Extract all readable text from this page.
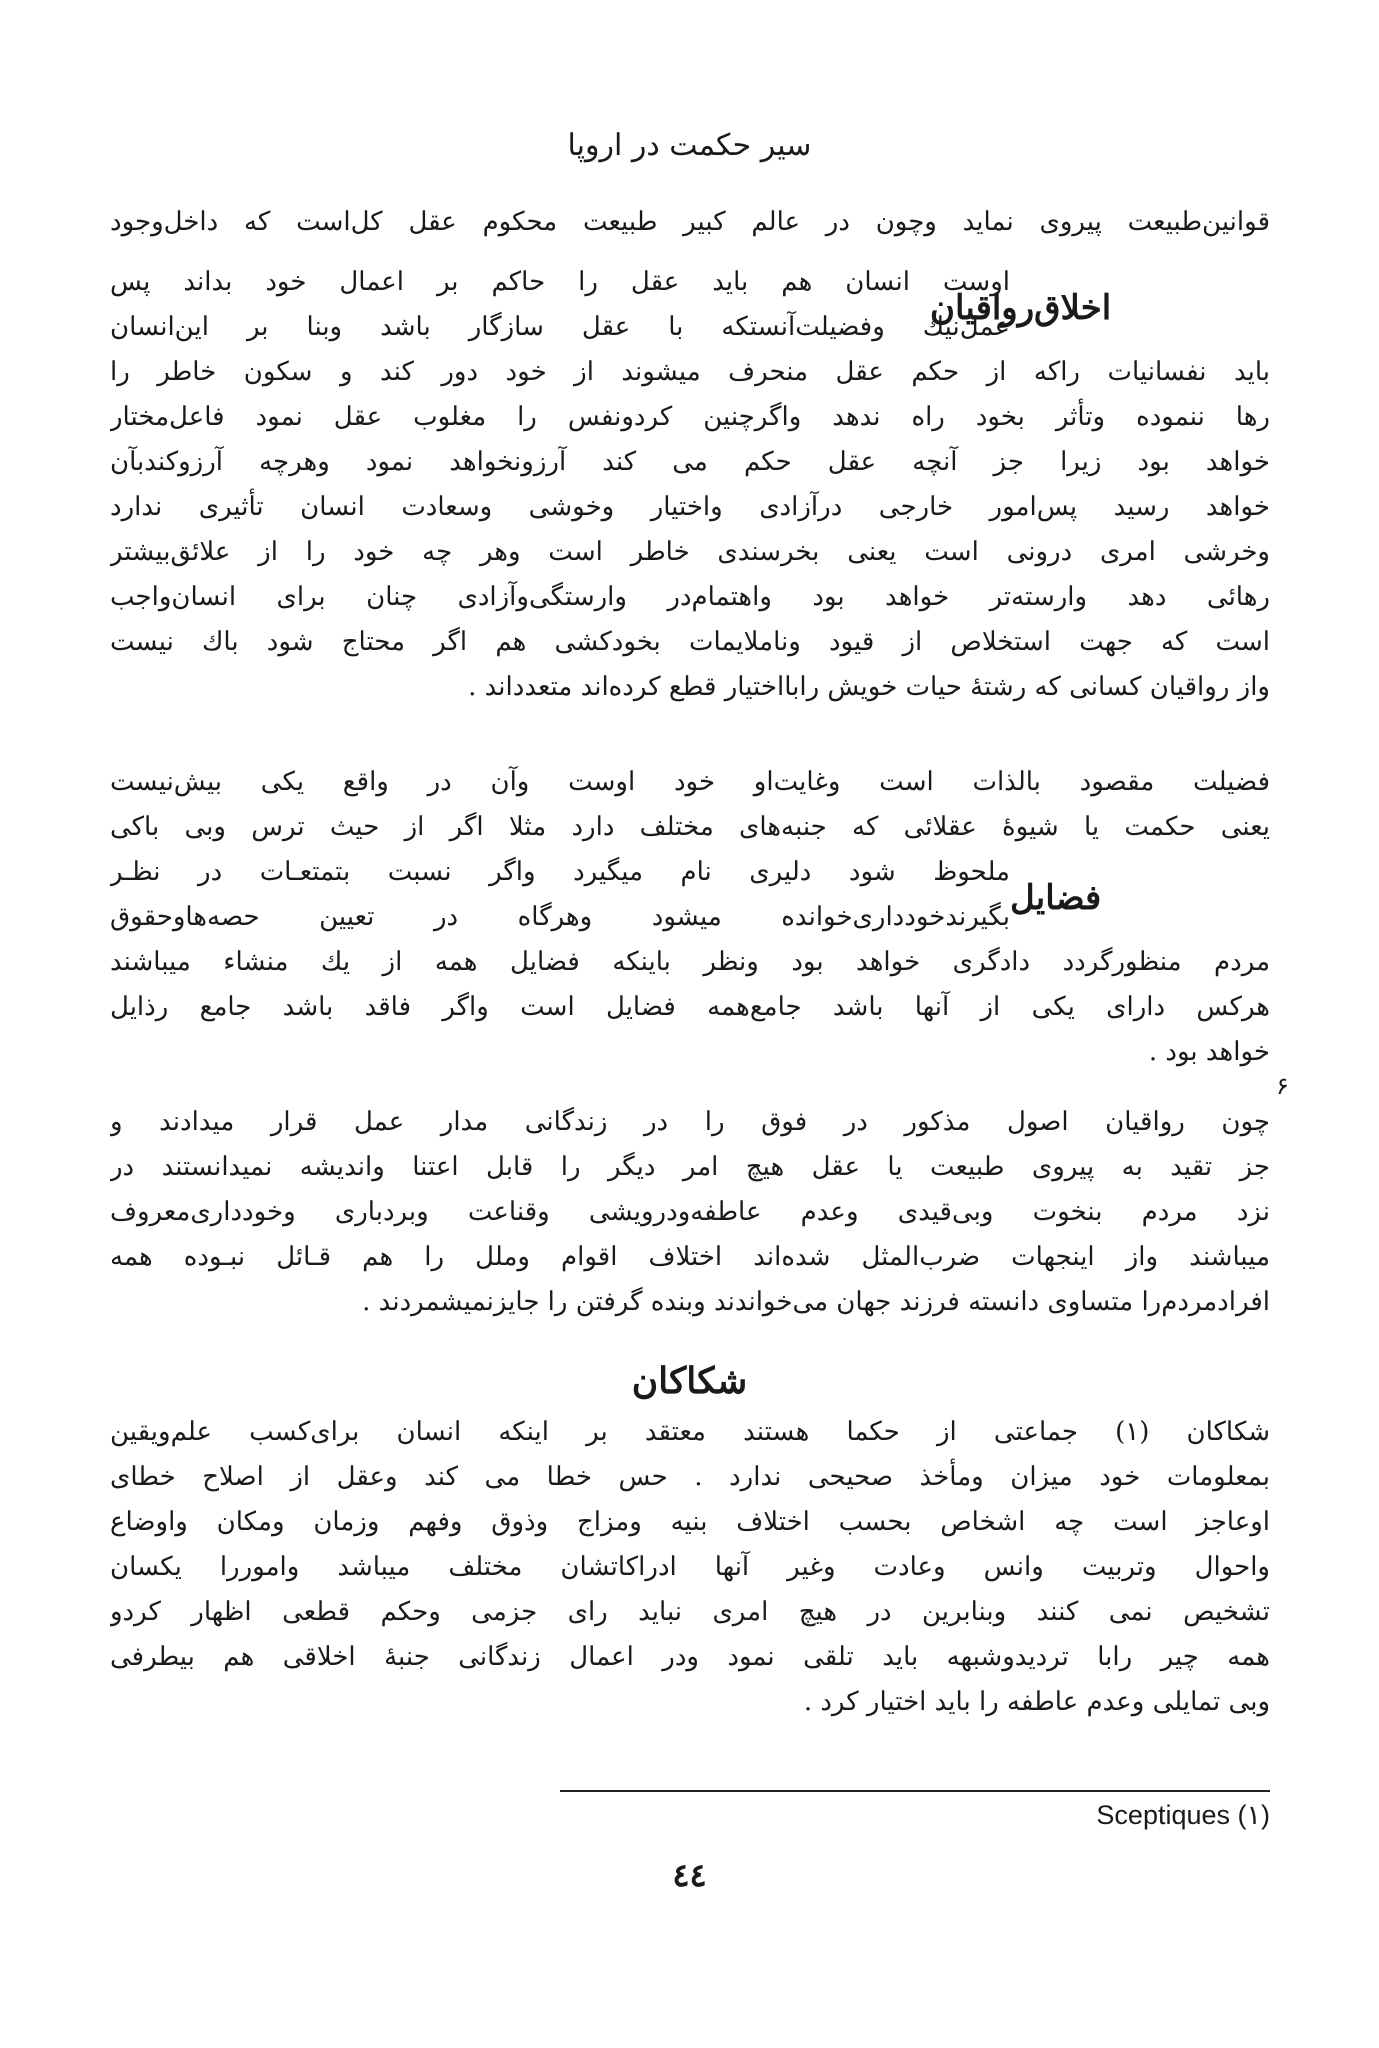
سیر حکمت در اروپا
قوانین‌طبیعت پیروی نماید وچون در عالم کبیر طبیعت محکوم عقل کل‌است که داخل‌وجود
اوست انسان هم باید عقل را حاکم بر اعمال خود بداند پس
عمل‌نیك وفضیلت‌آنستکه با عقل سازگار باشد وبنا بر این‌انسان
اخلاق‌رواقیان
باید نفسانیات راکه از حکم عقل منحرف میشوند از خود دور کند و سکون خاطر را
رها ننموده وتأثر بخود راه ندهد واگرچنین کردونفس را مغلوب عقل نمود فاعل‌مختار
خواهد بود زیرا جز آنچه عقل حکم می کند آرزونخواهد نمود وهرچه آرزوکندبآن
خواهد رسید پس‌امور خارجی درآزادی واختیار وخوشی وسعادت انسان تأثیری ندارد
وخرشی امری درونی است یعنی بخرسندی خاطر است وهر چه خود را از علائق‌بیشتر
رهائی دهد وارسته‌تر خواهد بود واهتمام‌در وارستگی‌وآزادی چنان برای انسان‌واجب
است که جهت استخلاص از قیود وناملایمات بخودکشی هم اگر محتاج شود باك نیست
واز رواقیان کسانی که رشتهٔ حیات خویش رابااختیار قطع کرده‌اند متعدداند .
فضیلت مقصود بالذات است وغایت‌او خود اوست وآن در واقع یکی بیش‌نیست
یعنی حکمت یا شیوهٔ عقلائی که جنبه‌های مختلف دارد مثلا اگر از حیث ترس وبی باکی
ملحوظ شود دلیری نام میگیرد واگر نسبت بتمتعـات در نظـر
بگیرندخودداری‌خوانده میشود وهرگاه در تعیین حصه‌هاوحقوق فضایل
مردم منظورگردد دادگری خواهد بود ونظر باینکه فضایل همه از یك منشاء میباشند
هرکس دارای یکی از آنها باشد جامع‌همه فضایل است واگر فاقد باشد جامع رذایل
خواهد بود .
۶
چون رواقیان اصول مذکور در فوق را در زندگانی مدار عمل قرار میدادند و
جز تقید به پیروی طبیعت یا عقل هیچ امر دیگر را قابل اعتنا واندیشه نمیدانستند در
نزد مردم بنخوت وبی‌قیدی وعدم عاطفه‌ودرویشی وقناعت وبردباری وخودداری‌معروف
میباشند واز اینجهات ضرب‌المثل شده‌اند اختلاف اقوام وملل را هم قـائل نبـوده همه
افرادمردم‌را متساوی دانسته فرزند جهان می‌خواندند وبنده گرفتن را جایزنمیشمردند .
شکاکان
شکاکان (۱) جماعتی از حکما هستند معتقد بر اینکه انسان برای‌کسب علم‌ویقین
بمعلومات خود میزان ومأخذ صحیحی ندارد . حس خطا می کند وعقل از اصلاح خطای
اوعاجز است چه اشخاص بحسب اختلاف بنیه ومزاج وذوق وفهم وزمان ومکان واوضاع
واحوال وتربیت وانس وعادت وغیر آنها ادراکاتشان مختلف میباشد واموررا یکسان
تشخیص نمی کنند وبنابرین در هیچ امری نباید رای جزمی وحکم قطعی اظهار کردو
همه چیر رابا تردیدوشبهه باید تلقی نمود ودر اعمال زندگانی جنبهٔ اخلاقی هم بیطرفی
وبی تمایلی وعدم عاطفه را باید اختیار کرد .
Sceptiques (۱)
٤٤
